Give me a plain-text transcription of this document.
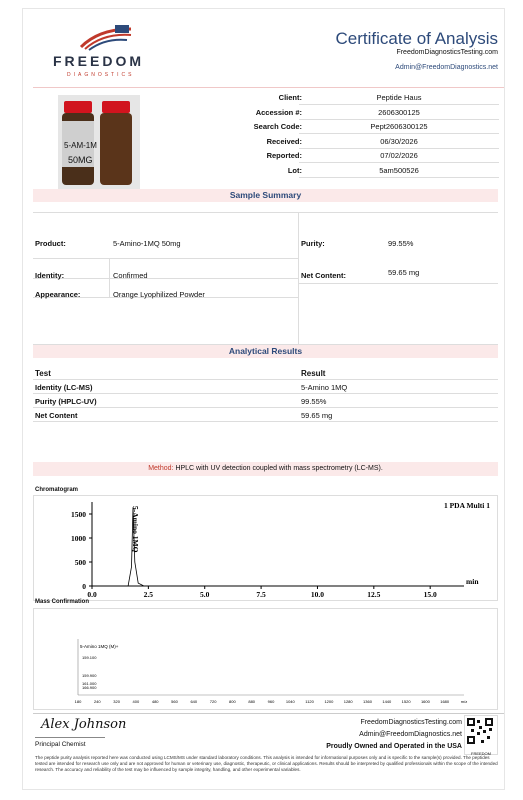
FREEDOM
DIAGNOSTICS
Certificate of Analysis
FreedomDiagnosticsTesting.com
Admin@FreedomDiagnostics.net
5-AM-1M
50MG
Client:	Peptide Haus
Accession #:	2606300125
Search Code:	Pept2606300125
Received:	06/30/2026
Reported:	07/02/2026
Lot:	5am500526
Sample Summary
Product:	5-Amino-1MQ 50mg
Identity:	Confirmed
Appearance:	Orange Lyophilized Powder
Purity:	99.55%
Net Content:	59.65 mg
Analytical Results
Test	Result
Identity (LC-MS)	5-Amino 1MQ
Purity (HPLC-UV)	99.55%
Net Content	59.65 mg
Method: HPLC with UV detection coupled with mass spectrometry (LC-MS).
Chromatogram
0.0	2.5	5.0	7.5	10.0	12.5	15.0
0
500
1000
1500
min
1 PDA Multi 1
5-Amino 1MQ
Mass Confirmation
180	240	320	400	480	560	640	720	800	880	960	1040	1120	1200	1280	1360	1440	1520	1600	1680	m/z
5-Amino 1MQ (M)+
159.100
159.900
161.000
166.900
Alex Johnson
Principal Chemist
FreedomDiagnosticsTesting.com
Admin@FreedomDiagnostics.net
Proudly Owned and Operated in the USA
FREEDOM
The peptide purity analysis reported here was conducted using LCMS/MS under standard laboratory conditions. This analysis is intended for informational purposes only and is specific to the sample(s) provided. The peptides tested are intended for research use only and are not approved for human or veterinary use, diagnostic, therapeutic, or clinical applications. Results should be interpreted by qualified professionals within the scope of the intended research. The accuracy and reliability of the test may be influenced by sample integrity, handling, and other experimental variables.
